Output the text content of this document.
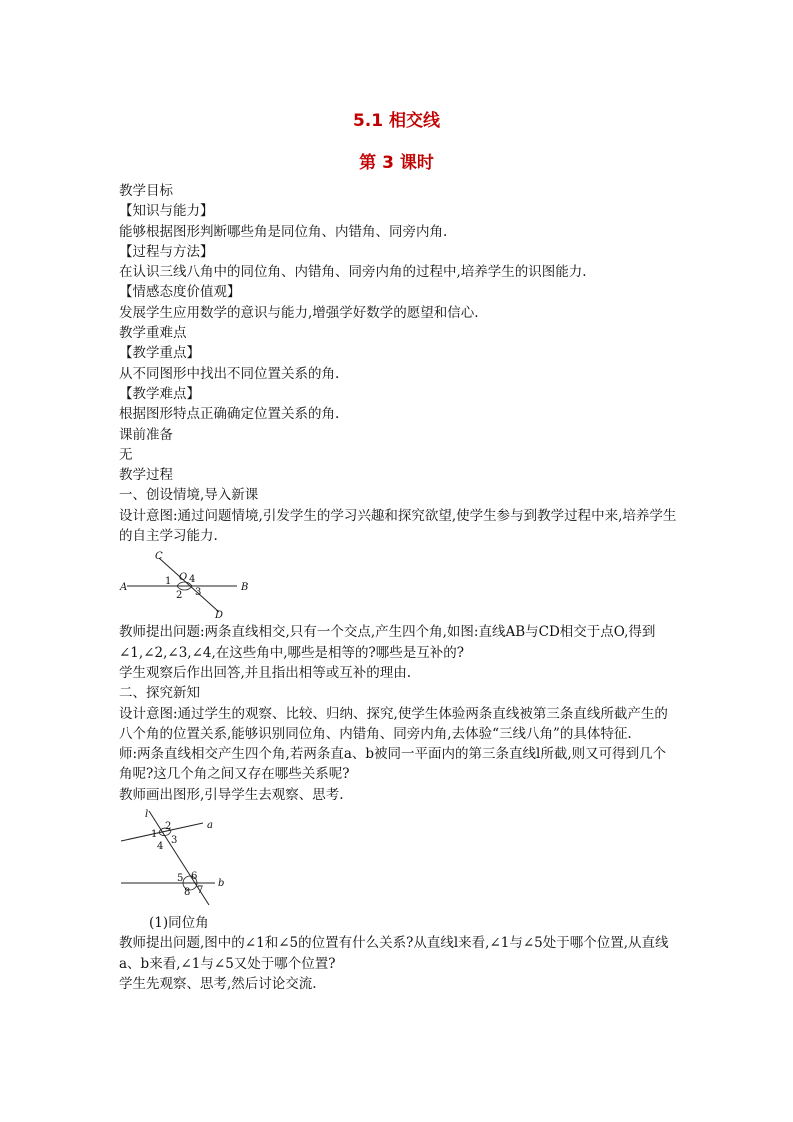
5.1 相交线
第 3 课时

教学目标

【知识与能力】

能够根据图形判断哪些角是同位角、内错角、同旁内角.

【过程与方法】

在认识三线八角中的同位角、内错角、同旁内角的过程中,培养学生的识图能力.

【情感态度价值观】

发展学生应用数学的意识与能力,增强学好数学的愿望和信心.

教学重难点

【教学重点】

从不同图形中找出不同位置关系的角.

【教学难点】

根据图形特点正确确定位置关系的角.

课前准备

无

教学过程

一、创设情境,导入新课

设计意图:通过问题情境,引发学生的学习兴趣和探究欲望,使学生参与到教学过程中来,培养学生的自主学习能力.

A	B
C
D
O
1
2 3
4

教师提出问题:两条直线相交,只有一个交点,产生四个角,如图:直线AB与CD相交于点O,得到∠1,∠2,∠3,∠4,在这些角中,哪些是相等的?哪些是互补的?

学生观察后作出回答,并且指出相等或互补的理由.

二、探究新知

设计意图:通过学生的观察、比较、归纳、探究,使学生体验两条直线被第三条直线所截产生的八个角的位置关系,能够识别同位角、内错角、同旁内角,去体验“三线八角”的具体特征.

师:两条直线相交产生四个角,若两条直a、b被同一平面内的第三条直线l所截,则又可得到几个角呢?这几个角之间又存在哪些关系呢?

教师画出图形,引导学生去观察、思考.

l
a
b
1
2
3
4
5 6
7
8

(1)同位角

教师提出问题,图中的∠1和∠5的位置有什么关系?从直线l来看,∠1与∠5处于哪个位置,从直线a、b来看,∠1与∠5又处于哪个位置?

学生先观察、思考,然后讨论交流.
